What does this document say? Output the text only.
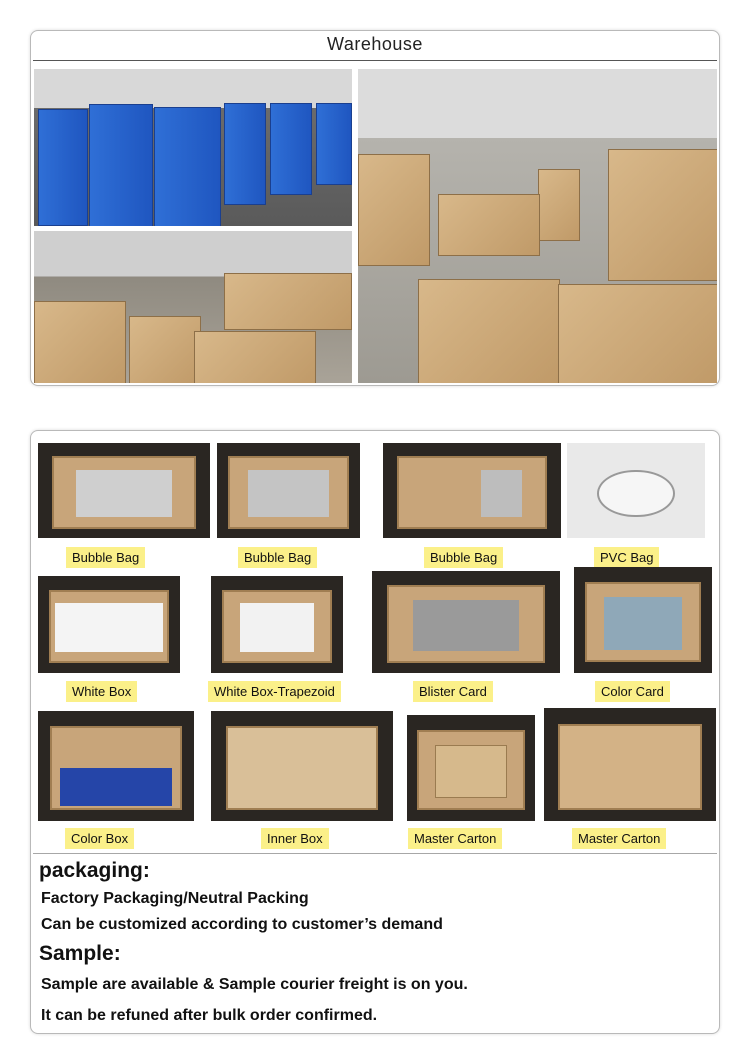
Warehouse
Bubble Bag	Bubble Bag	Bubble Bag	PVC Bag
White Box	White Box-Trapezoid	Blister Card	Color Card
Color Box	Inner Box	Master Carton	Master Carton
packaging:
Factory Packaging/Neutral Packing
Can be customized according to customer’s demand
Sample:
Sample are available & Sample courier freight is on you.
It can be refuned after bulk order confirmed.
